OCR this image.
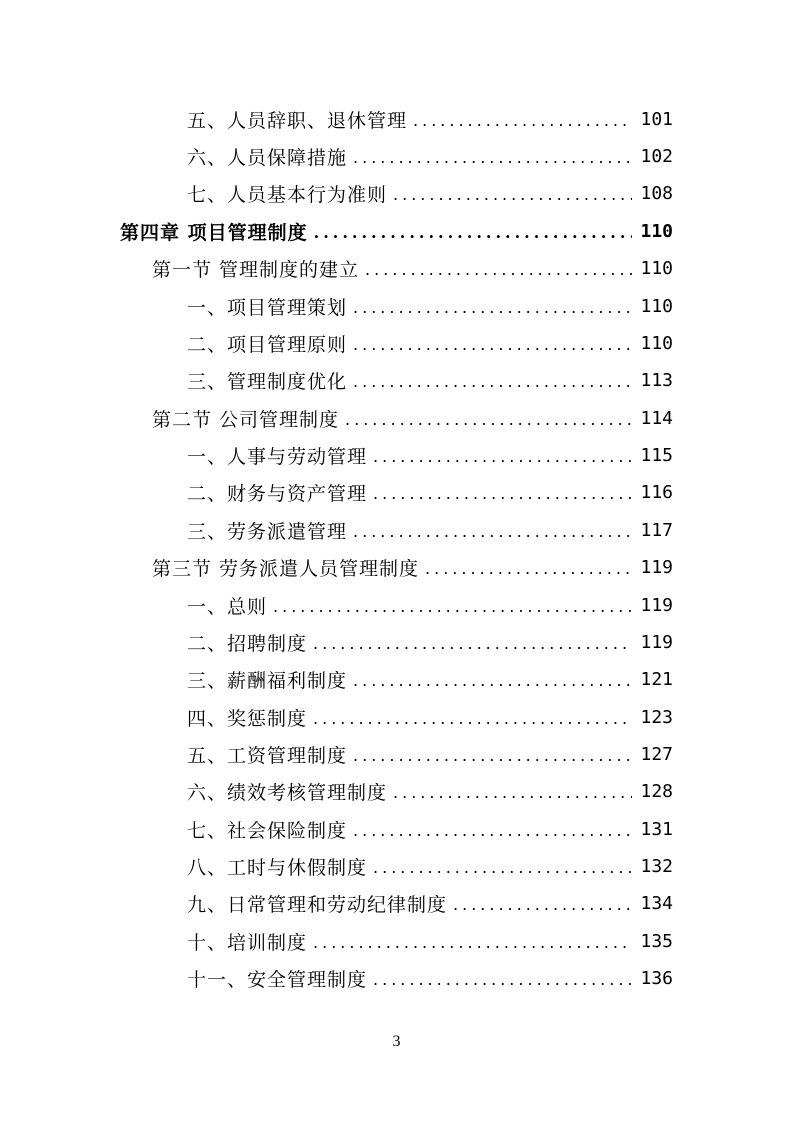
五、人员辞职、退休管理 .....	101
六、人员保障措施 .....	102
七、人员基本行为准则 .....	108
第四章 项目管理制度 .....	110
第一节 管理制度的建立 .....	110
一、项目管理策划 .....	110
二、项目管理原则 .....	110
三、管理制度优化 .....	113
第二节 公司管理制度 .....	114
一、人事与劳动管理 .....	115
二、财务与资产管理 .....	116
三、劳务派遣管理 .....	117
第三节 劳务派遣人员管理制度 .....	119
一、总则 .....	119
二、招聘制度 .....	119
三、薪酬福利制度 .....	121
四、奖惩制度 .....	123
五、工资管理制度 .....	127
六、绩效考核管理制度 .....	128
七、社会保险制度 .....	131
八、工时与休假制度 .....	132
九、日常管理和劳动纪律制度 .....	134
十、培训制度 .....	135
十一、安全管理制度 .....	136
3
